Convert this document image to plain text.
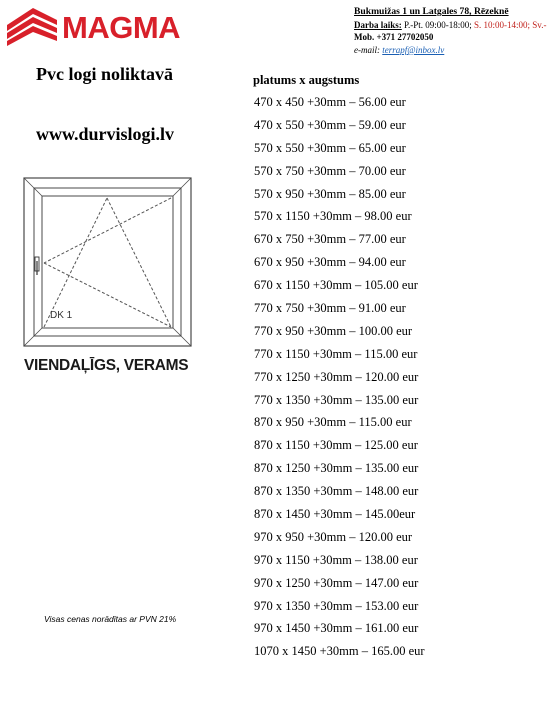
MAGMA	Bukmuižas 1 un Latgales 78, Rēzeknē
Darba laiks: P.-Pt. 09:00-18:00; S. 10:00-14:00; Sv.-
Mob. +371 27702050
e-mail: terrapf@inbox.lv
Pvc logi noliktavā
www.durvislogi.lv
DK 1
VIENDAĻĪGS, VERAMS
Visas cenas norādītas ar PVN 21%
platums x augstums
470 x 450 +30mm – 56.00 eur
470 x 550 +30mm – 59.00 eur
570 x 550 +30mm – 65.00 eur
570 x 750 +30mm – 70.00 eur
570 x 950 +30mm – 85.00 eur
570 x 1150 +30mm – 98.00 eur
670 x 750 +30mm – 77.00 eur
670 x 950 +30mm – 94.00 eur
670 x 1150 +30mm – 105.00 eur
770 x 750 +30mm – 91.00 eur
770 x 950 +30mm – 100.00 eur
770 x 1150 +30mm – 115.00 eur
770 x 1250 +30mm – 120.00 eur
770 x 1350 +30mm – 135.00 eur
870 x 950 +30mm – 115.00 eur
870 x 1150 +30mm – 125.00 eur
870 x 1250 +30mm – 135.00 eur
870 x 1350 +30mm – 148.00 eur
870 x 1450 +30mm – 145.00eur
970 x 950 +30mm – 120.00 eur
970 x 1150 +30mm – 138.00 eur
970 x 1250 +30mm – 147.00 eur
970 x 1350 +30mm – 153.00 eur
970 x 1450 +30mm – 161.00 eur
1070 x 1450 +30mm – 165.00 eur
